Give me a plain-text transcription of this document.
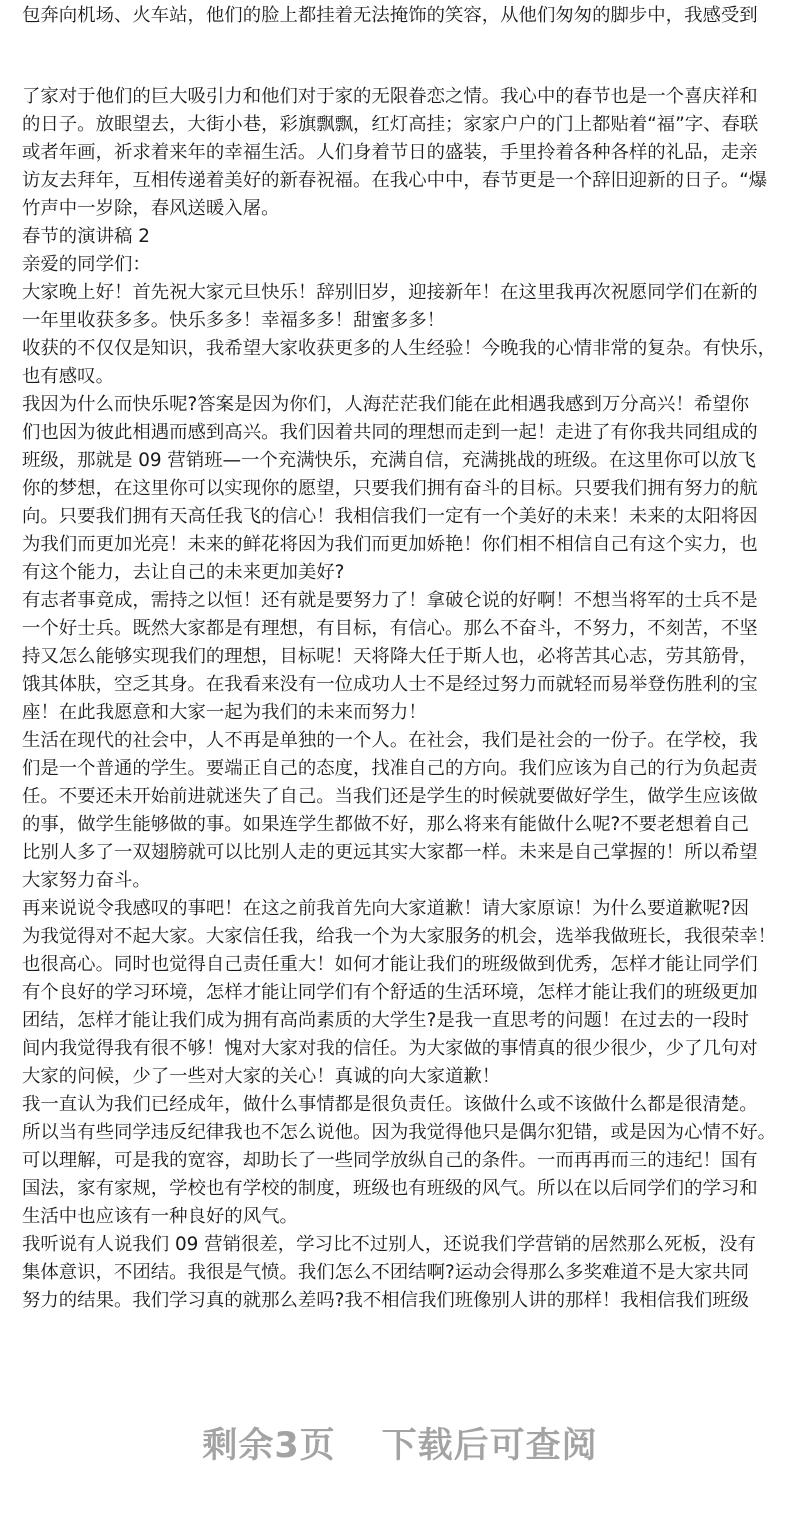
包奔向机场、火车站，他们的脸上都挂着无法掩饰的笑容，从他们匆匆的脚步中，我感受到
了家对于他们的巨大吸引力和他们对于家的无限眷恋之情。我心中的春节也是一个喜庆祥和
的日子。放眼望去，大街小巷，彩旗飘飘，红灯高挂；家家户户的门上都贴着“福”字、春联
或者年画，祈求着来年的幸福生活。人们身着节日的盛装，手里拎着各种各样的礼品，走亲
访友去拜年，互相传递着美好的新春祝福。在我心中中，春节更是一个辞旧迎新的日子。“爆
竹声中一岁除，春风送暖入屠。
春节的演讲稿 2
亲爱的同学们：
大家晚上好！首先祝大家元旦快乐！辞别旧岁，迎接新年！在这里我再次祝愿同学们在新的
一年里收获多多。快乐多多！幸福多多！甜蜜多多！
收获的不仅仅是知识，我希望大家收获更多的人生经验！今晚我的心情非常的复杂。有快乐，
也有感叹。
我因为什么而快乐呢?答案是因为你们，人海茫茫我们能在此相遇我感到万分高兴！希望你
们也因为彼此相遇而感到高兴。我们因着共同的理想而走到一起！走进了有你我共同组成的
班级，那就是 09 营销班—一个充满快乐，充满自信，充满挑战的班级。在这里你可以放飞
你的梦想，在这里你可以实现你的愿望，只要我们拥有奋斗的目标。只要我们拥有努力的航
向。只要我们拥有天高任我飞的信心！我相信我们一定有一个美好的未来！未来的太阳将因
为我们而更加光亮！未来的鲜花将因为我们而更加娇艳！你们相不相信自己有这个实力，也
有这个能力，去让自己的未来更加美好?
有志者事竟成，需持之以恒！还有就是要努力了！拿破仑说的好啊！不想当将军的士兵不是
一个好士兵。既然大家都是有理想，有目标，有信心。那么不奋斗，不努力，不刻苦，不坚
持又怎么能够实现我们的理想，目标呢！天将降大任于斯人也，必将苦其心志，劳其筋骨，
饿其体肤，空乏其身。在我看来没有一位成功人士不是经过努力而就轻而易举登伤胜利的宝
座！在此我愿意和大家一起为我们的未来而努力！
生活在现代的社会中，人不再是单独的一个人。在社会，我们是社会的一份子。在学校，我
们是一个普通的学生。要端正自己的态度，找准自己的方向。我们应该为自己的行为负起责
任。不要还未开始前进就迷失了自己。当我们还是学生的时候就要做好学生，做学生应该做
的事，做学生能够做的事。如果连学生都做不好，那么将来有能做什么呢?不要老想着自己
比别人多了一双翅膀就可以比别人走的更远其实大家都一样。未来是自己掌握的！所以希望
大家努力奋斗。
再来说说令我感叹的事吧！在这之前我首先向大家道歉！请大家原谅！为什么要道歉呢?因
为我觉得对不起大家。大家信任我，给我一个为大家服务的机会，选举我做班长，我很荣幸！
也很高心。同时也觉得自己责任重大！如何才能让我们的班级做到优秀，怎样才能让同学们
有个良好的学习环境，怎样才能让同学们有个舒适的生活环境，怎样才能让我们的班级更加
团结，怎样才能让我们成为拥有高尚素质的大学生?是我一直思考的问题！在过去的一段时
间内我觉得我有很不够！愧对大家对我的信任。为大家做的事情真的很少很少，少了几句对
大家的问候，少了一些对大家的关心！真诚的向大家道歉！
我一直认为我们已经成年，做什么事情都是很负责任。该做什么或不该做什么都是很清楚。
所以当有些同学违反纪律我也不怎么说他。因为我觉得他只是偶尔犯错，或是因为心情不好。
可以理解，可是我的宽容，却助长了一些同学放纵自己的条件。一而再再而三的违纪！国有
国法，家有家规，学校也有学校的制度，班级也有班级的风气。所以在以后同学们的学习和
生活中也应该有一种良好的风气。
我听说有人说我们 09 营销很差，学习比不过别人，还说我们学营销的居然那么死板，没有
集体意识，不团结。我很是气愤。我们怎么不团结啊?运动会得那么多奖难道不是大家共同
努力的结果。我们学习真的就那么差吗?我不相信我们班像别人讲的那样！我相信我们班级
剩余3页 下载后可查阅
